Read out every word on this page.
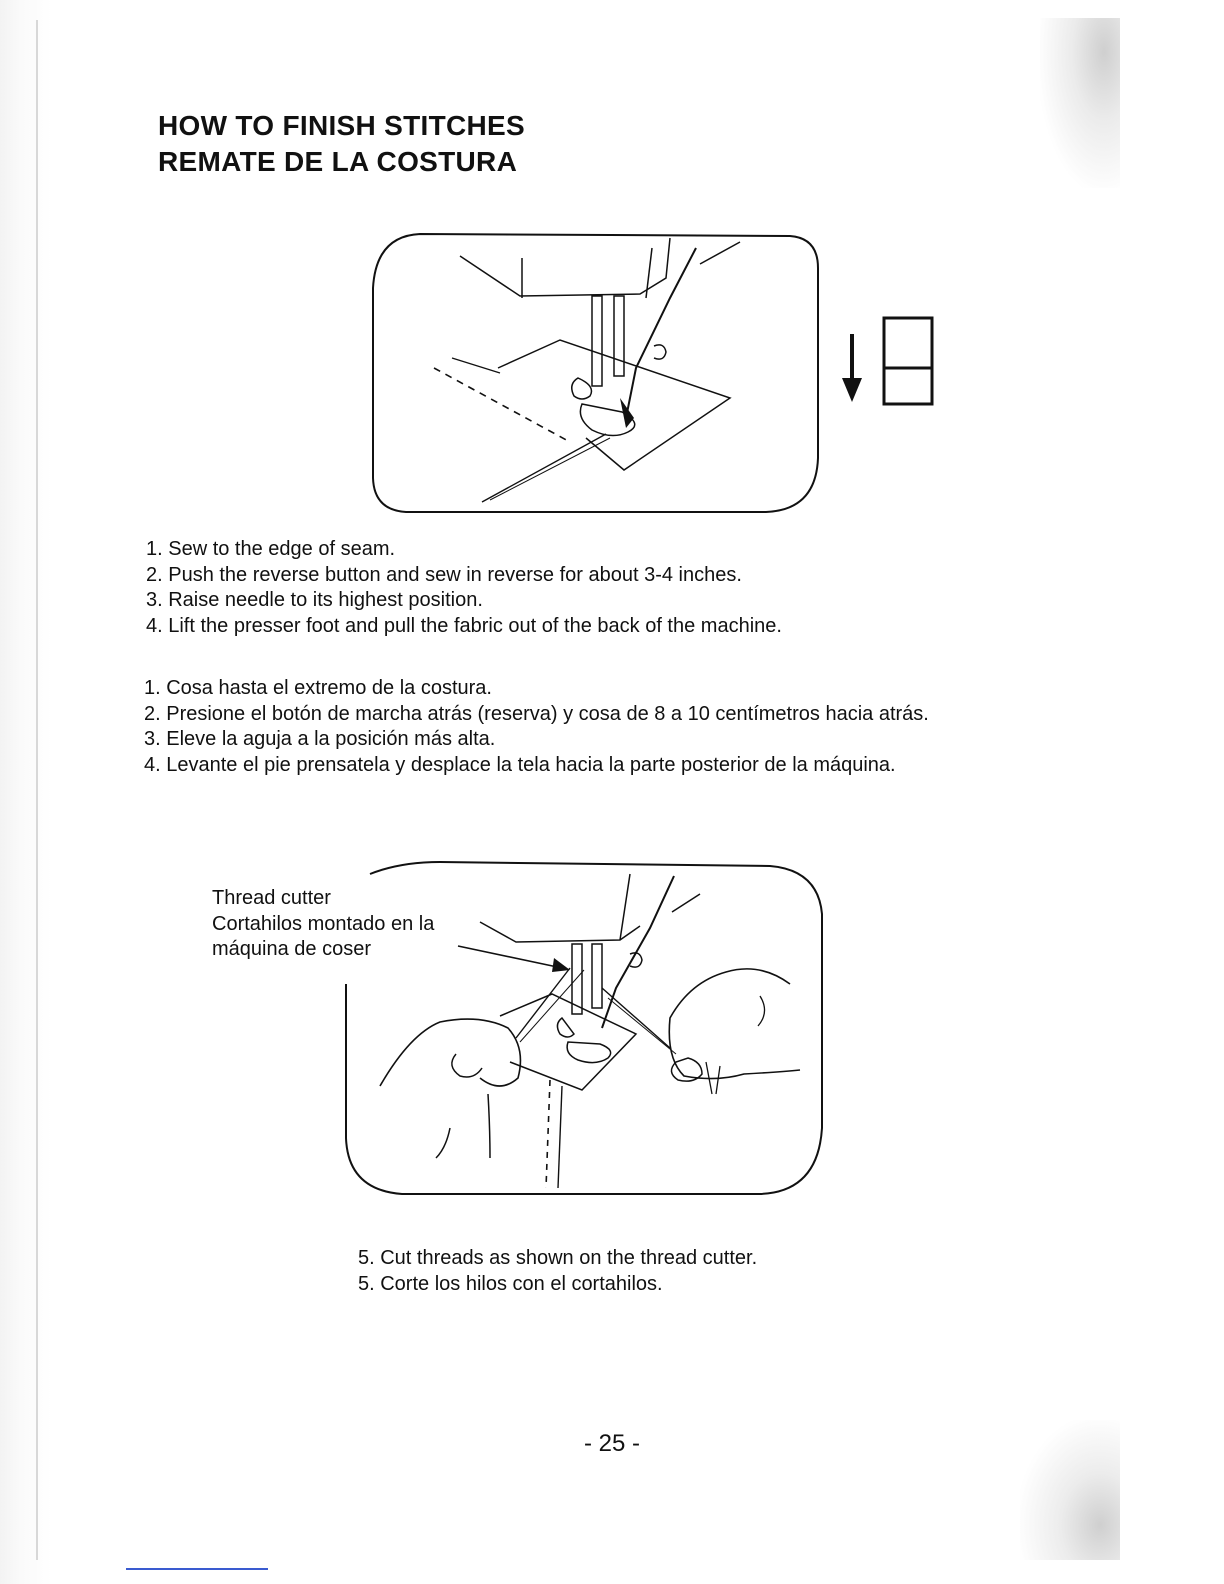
HOW TO FINISH STITCHES
REMATE DE LA COSTURA
1. Sew to the edge of seam.
2. Push the reverse button and sew in reverse for about 3-4 inches.
3. Raise needle to its highest position.
4. Lift the presser foot and pull the fabric out of the back of the machine.
1. Cosa hasta el extremo de la costura.
2. Presione el botón de marcha atrás (reserva) y cosa de 8 a 10 centímetros hacia atrás.
3. Eleve la aguja a la posición más alta.
4. Levante el pie prensatela y desplace la tela hacia la parte posterior de la máquina.
Thread cutter
Cortahilos montado en la
máquina de coser
5. Cut threads as shown on the thread cutter.
5. Corte los hilos con el cortahilos.
- 25 -
